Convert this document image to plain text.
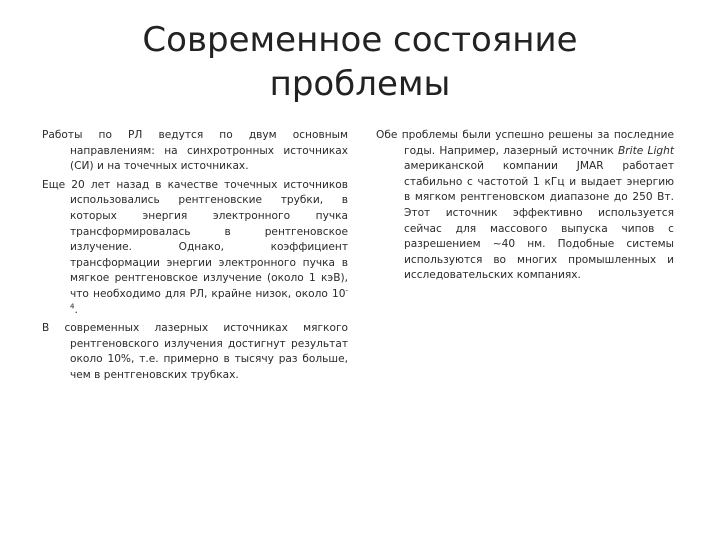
Современное состояние
проблемы

Работы по РЛ ведутся по двум основным направлениям: на синхротронных источниках (СИ) и на точечных источниках.

Еще 20 лет назад в качестве точечных источников использовались рентгеновские трубки, в которых энергия электронного пучка трансформировалась в рентгеновское излучение. Однако, коэффициент трансформации энергии электронного пучка в мягкое рентгеновское излучение (около 1 кэВ), что необходимо для РЛ, крайне низок, около $10^{-4}$.

В современных лазерных источниках мягкого рентгеновского излучения достигнут результат около 10%, т.е. примерно в тысячу раз больше, чем в рентгеновских трубках.

Обе проблемы были успешно решены за последние годы. Например, лазерный источник Brite Light американской компании JMAR работает стабильно с частотой 1 кГц и выдает энергию в мягком рентгеновском диапазоне до 250 Вт. Этот источник эффективно используется сейчас для массового выпуска чипов с разрешением ~40 нм. Подобные системы используются во многих промышленных и исследовательских компаниях.
